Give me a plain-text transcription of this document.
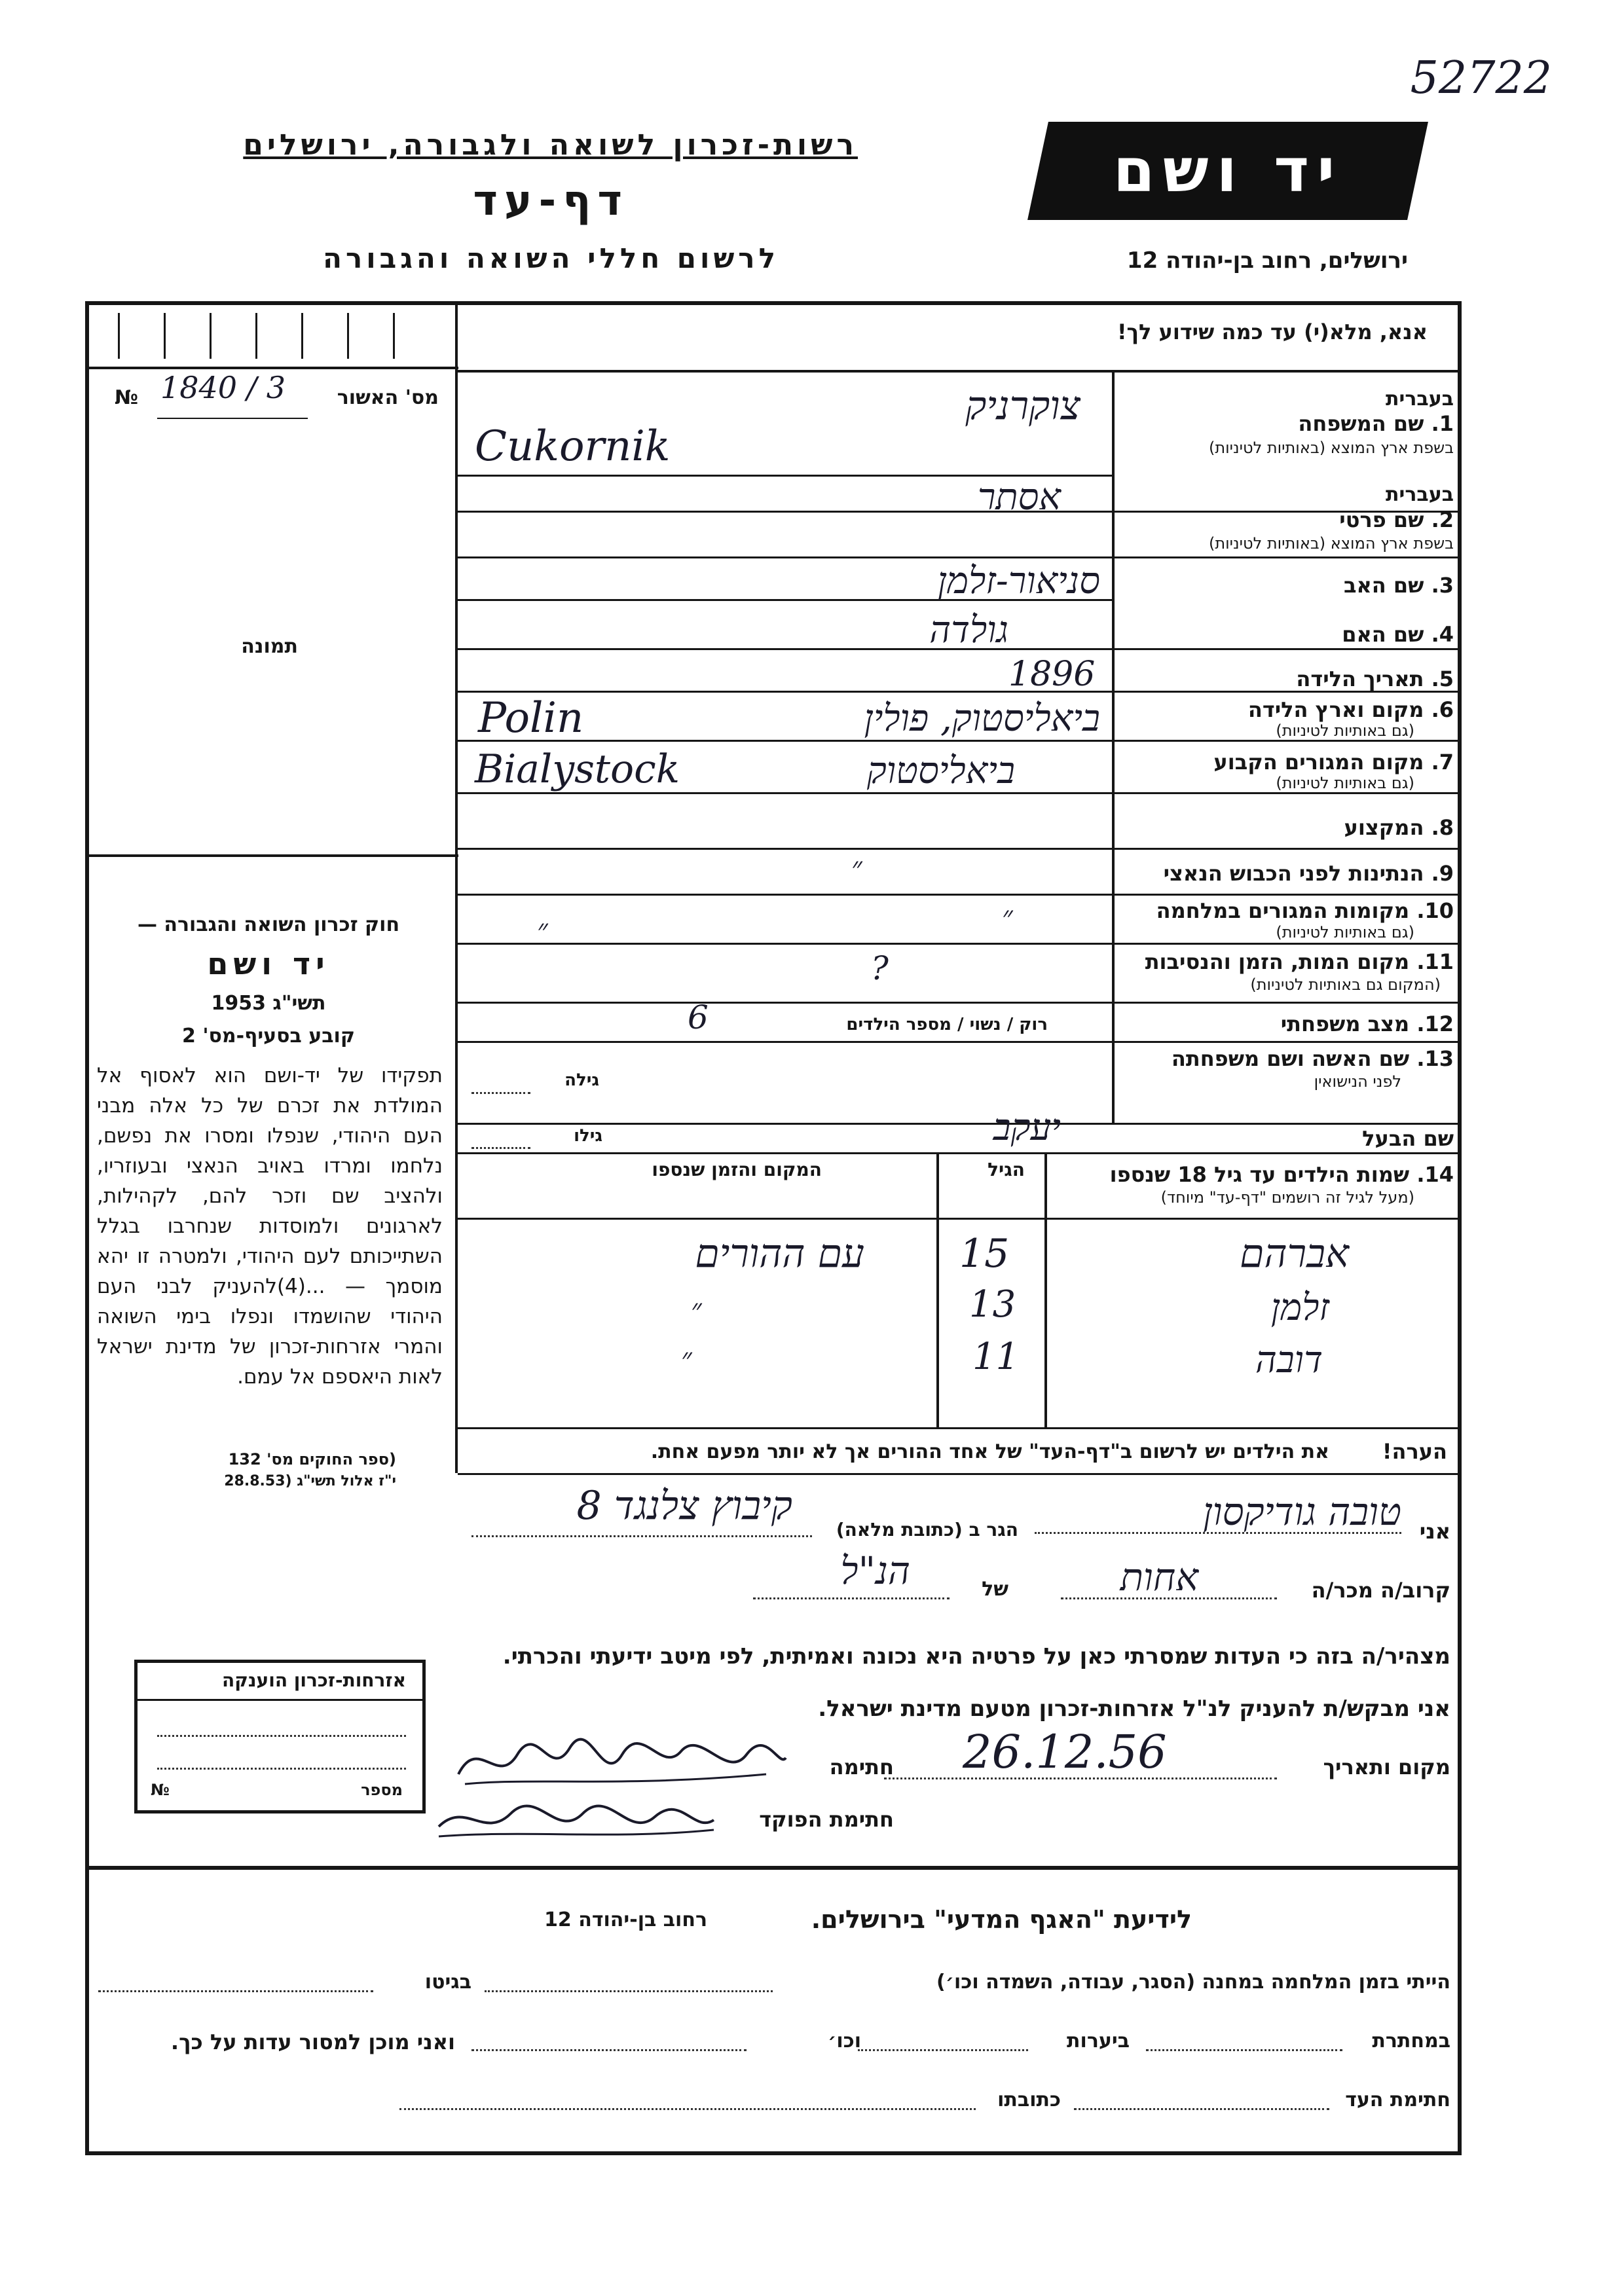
52722
רשות-זכרון לשואה ולגבורה, ירושלים
דף-עד
לרשום חללי השואה והגבורה
יד ושם
ירושלים, רחוב בן-יהודה 12
אנא, מלא(י) עד כמה שידוע לך!
№ 1840 / 3	מס' האשור
תמונה
בעברית
1. שם המשפחה
בשפת ארץ המוצא (באותיות לטיניות)
צוקרניק
Cukornik
בעברית
2. שם פרטי
בשפת ארץ המוצא (באותיות לטיניות)
אסתר
3. שם האב
סניאור-זלמן
4. שם האם
גולדה
5. תאריך הלידה
1896
6. מקום וארץ הלידה
(גם באותיות לטיניות)
ביאליסטוק, פולין
Polin
7. מקום המגורים הקבוע
(גם באותיות לטיניות)
ביאליסטוק
Bialystock
8. המקצוע
9. הנתינות לפני הכבוש הנאצי
״
10. מקומות המגורים במלחמה
(גם באותיות לטיניות)
״
״
11. מקום המות, הזמן והנסיבות
(המקום גם באותיות לטיניות)
?
12. מצב משפחתי
רוק / נשוי / מספר הילדים
6
13. שם האשה ושם משפחתה
לפני הנישואין
גילה
שם הבעל
יעקב
גילו
14. שמות הילדים עד גיל 18 שנספו
(מעל לגיל זה רושמים "דף-עד" מיוחד)
הגיל
המקום והזמן שנספו
אברהם
15
עם ההורים
זלמן
13
״
דובה
11
״
חוק זכרון השואה והגבורה —
יד ושם
תשי"ג 1953
קובע בסעיף-מס' 2
תפקידו של יד-ושם הוא לאסוף אל המולדת את זכרם של כל אלה מבני העם היהודי, שנפלו ומסרו את נפשם, נלחמו ומרדו באויב הנאצי ובעוזריו, ולהציב שם וזכר להם, לקהילות, לארגונים ולמוסדות שנחרבו בגלל השתייכותם לעם היהודי, ולמטרה זו יהא מוסמך — ...(4)להעניק לבני העם היהודי שהושמדו ונפלו בימי השואה והמרי אזרחות-זכרון של מדינת ישראל לאות היאספם אל עמם.
(ספר החוקים מס' 132
י"ז אלול תשי"ג (28.8.53
הערה!
את הילדים יש לרשום ב"דף-העד" של אחד ההורים אך לא יותר מפעם אחת.
אני
טובה גודיקסון
הגר ב (כתובת מלאה)
קיבוץ צלנגד 8
קרוב/ה מכר/ה
אחות
של
הנ"ל
מצהיר/ה בזה כי העדות שמסרתי כאן על פרטיה היא נכונה ואמיתית, לפי מיטב ידיעתי והכרתי.
אני מבקש/ת להעניק לנ"ל אזרחות-זכרון מטעם מדינת ישראל.
מקום ותאריך
26.12.56
חתימה
חתימת הפוקד
אזרחות-זכרון הוענקה
№	מספר
לידיעת "האגף המדעי" בירושלים.
רחוב בן-יהודה 12
הייתי בזמן המלחמה במחנה (הסגר, עבודה, השמדה וכו׳)
בגיטו
במחתרת
ביערות
וכו׳
ואני מוכן למסור עדות על כך.
חתימת העד
כתובתו
